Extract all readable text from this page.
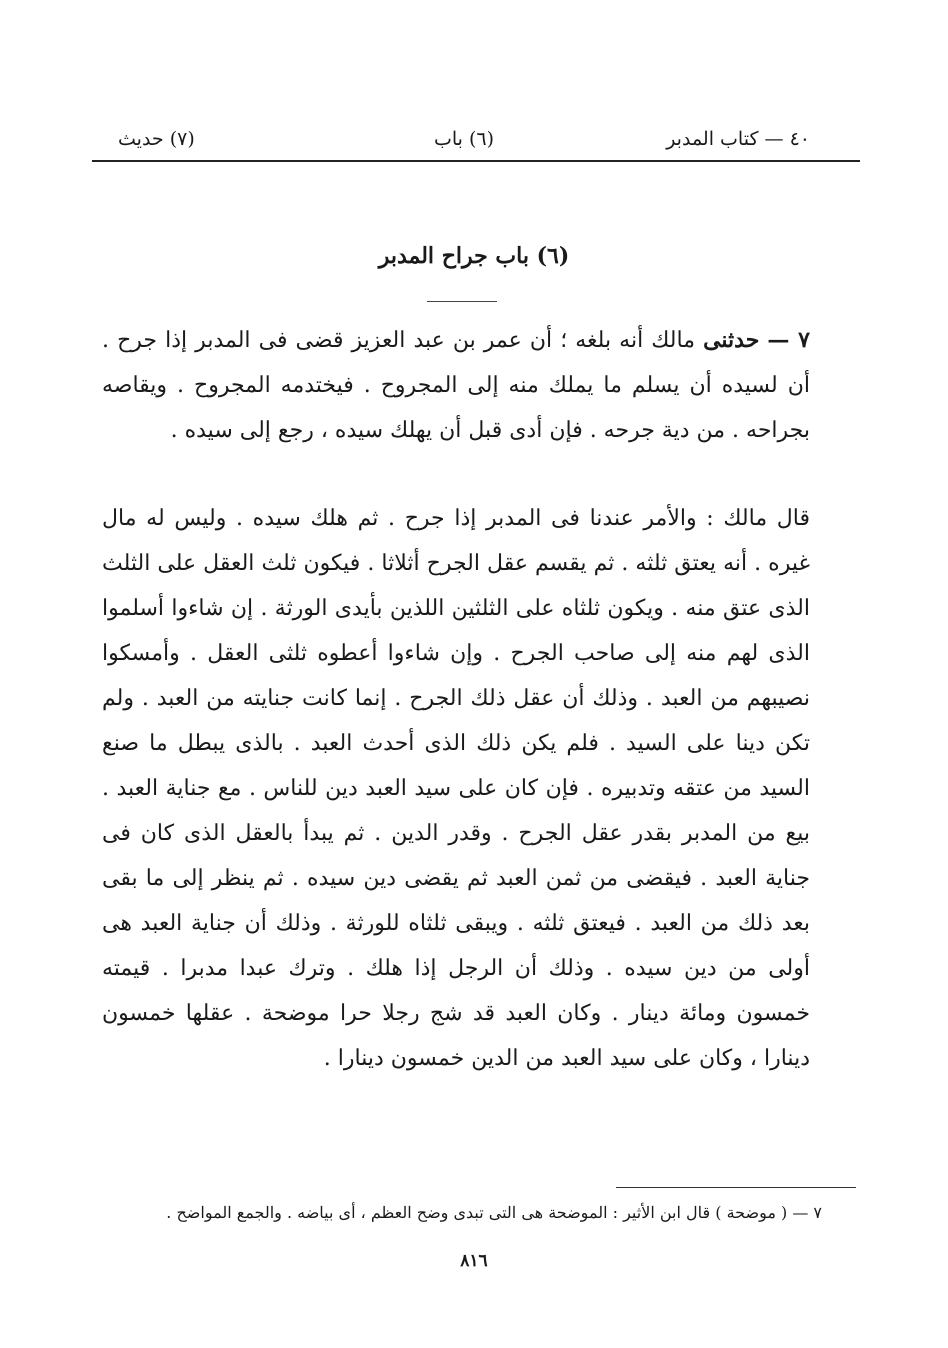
٤٠ — كتاب المدبر
(٦) باب
(٧) حديث
(٦) باب جراح المدبر
٧ — حدثنى مالك أنه بلغه ؛ أن عمر بن عبد العزيز قضى فى المدبر إذا جرح . أن لسيده أن يسلم ما يملك منه إلى المجروح . فيختدمه المجروح . ويقاصه بجراحه . من دية جرحه . فإن أدى قبل أن يهلك سيده ، رجع إلى سيده .
قال مالك : والأمر عندنا فى المدبر إذا جرح . ثم هلك سيده . وليس له مال غيره . أنه يعتق ثلثه . ثم يقسم عقل الجرح أثلاثا . فيكون ثلث العقل على الثلث الذى عتق منه . ويكون ثلثاه على الثلثين اللذين بأيدى الورثة . إن شاءوا أسلموا الذى لهم منه إلى صاحب الجرح . وإن شاءوا أعطوه ثلثى العقل . وأمسكوا نصيبهم من العبد . وذلك أن عقل ذلك الجرح . إنما كانت جنايته من العبد . ولم تكن دينا على السيد . فلم يكن ذلك الذى أحدث العبد . بالذى يبطل ما صنع السيد من عتقه وتدبيره . فإن كان على سيد العبد دين للناس . مع جناية العبد . بيع من المدبر بقدر عقل الجرح . وقدر الدين . ثم يبدأ بالعقل الذى كان فى جناية العبد . فيقضى من ثمن العبد ثم يقضى دين سيده . ثم ينظر إلى ما بقى بعد ذلك من العبد . فيعتق ثلثه . ويبقى ثلثاه للورثة . وذلك أن جناية العبد هى أولى من دين سيده . وذلك أن الرجل إذا هلك . وترك عبدا مدبرا . قيمته خمسون ومائة دينار . وكان العبد قد شج رجلا حرا موضحة . عقلها خمسون دينارا ، وكان على سيد العبد من الدين خمسون دينارا .
٧ — ( موضحة ) قال ابن الأثير : الموضحة هى التى تبدى وضح العظم ، أى بياضه . والجمع المواضح .
٨١٦
